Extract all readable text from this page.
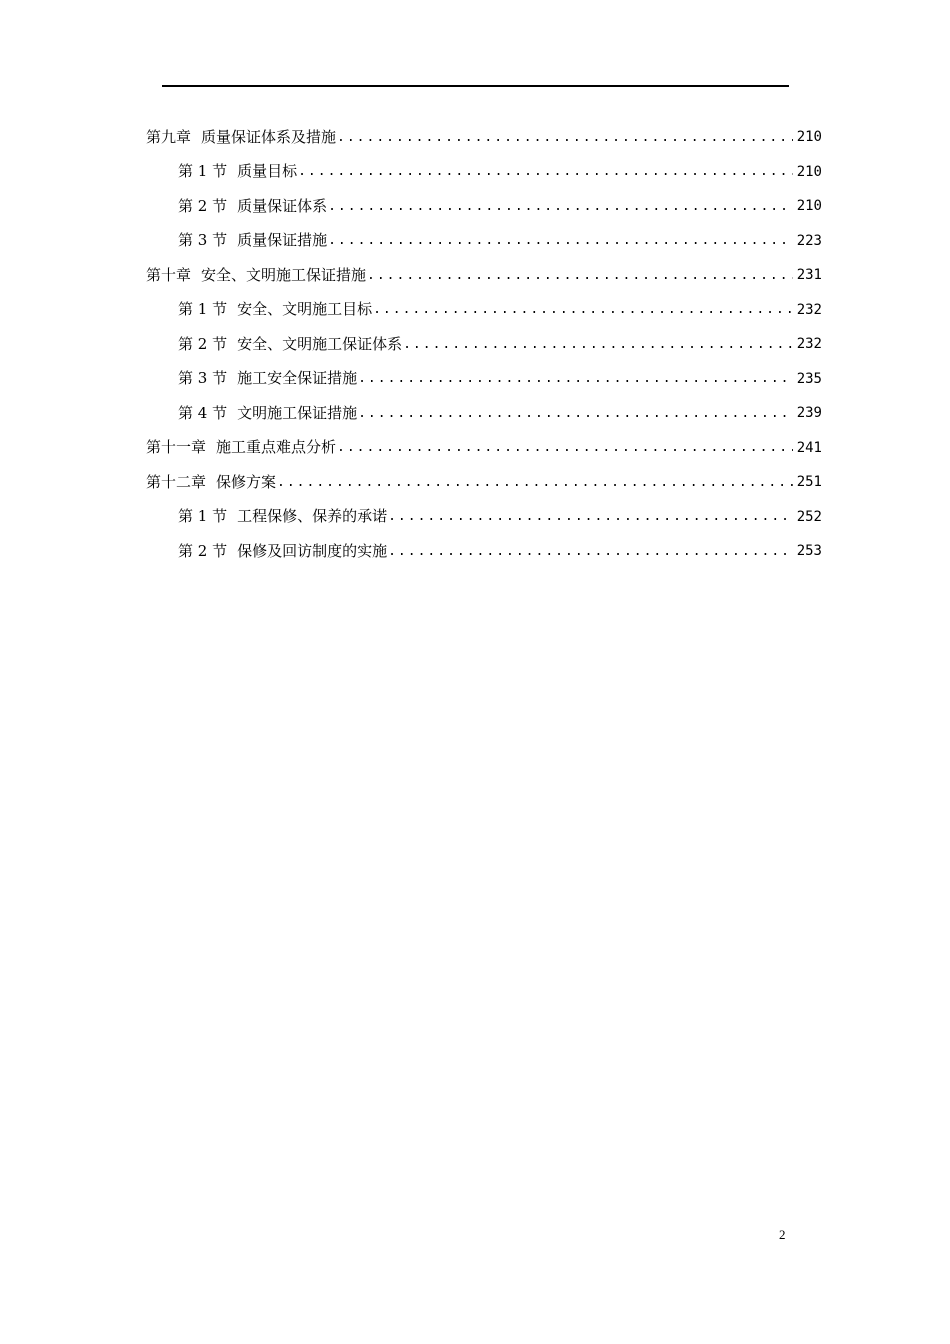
第九章 质量保证体系及措施 .....	210
第 1 节 质量目标 .....	210
第 2 节 质量保证体系 .....	210
第 3 节 质量保证措施 .....	223
第十章 安全、文明施工保证措施 .....	231
第 1 节 安全、文明施工目标 .....	232
第 2 节 安全、文明施工保证体系 .....	232
第 3 节 施工安全保证措施 .....	235
第 4 节 文明施工保证措施 .....	239
第十一章 施工重点难点分析 .....	241
第十二章 保修方案 .....	251
第 1 节 工程保修、保养的承诺 .....	252
第 2 节 保修及回访制度的实施 .....	253
2
